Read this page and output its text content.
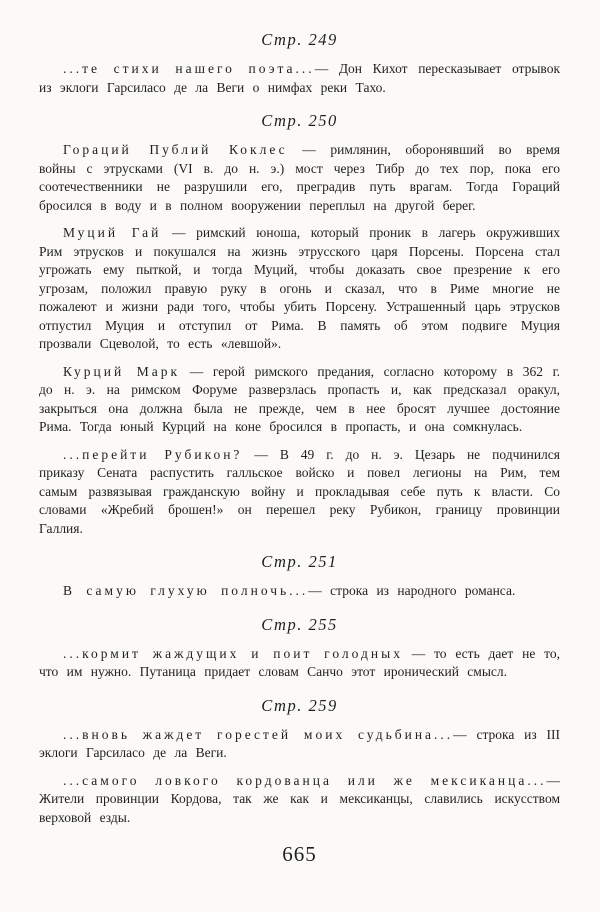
Стр. 249

...те стихи нашего поэта...— Дон Кихот пересказывает отрывок из эклоги Гарсиласо де ла Веги о нимфах реки Тахо.

Стр. 250

Гораций Публий Коклес — римлянин, оборонявший во время войны с этрусками (VI в. до н. э.) мост через Тибр до тех пор, пока его соотечественники не разрушили его, преградив путь врагам. Тогда Гораций бросился в воду и в полном вооружении переплыл на другой берег.

Муций Гай — римский юноша, который проник в лагерь окруживших Рим этрусков и покушался на жизнь этрусского царя Порсены. Порсена стал угрожать ему пыткой, и тогда Муций, чтобы доказать свое презрение к его угрозам, положил правую руку в огонь и сказал, что в Риме многие не пожалеют и жизни ради того, чтобы убить Порсену. Устрашенный царь этрусков отпустил Муция и отступил от Рима. В память об этом подвиге Муция прозвали Сцеволой, то есть «левшой».

Курций Марк — герой римского предания, согласно которому в 362 г. до н. э. на римском Форуме разверзлась пропасть и, как предсказал оракул, закрыться она должна была не прежде, чем в нее бросят лучшее достояние Рима. Тогда юный Курций на коне бросился в пропасть, и она сомкнулась.

...перейти Рубикон? — В 49 г. до н. э. Цезарь не подчинился приказу Сената распустить галльское войско и повел легионы на Рим, тем самым развязывая гражданскую войну и прокладывая себе путь к власти. Со словами «Жребий брошен!» он перешел реку Рубикон, границу провинции Галлия.

Стр. 251

В самую глухую полночь...— строка из народного романса.

Стр. 255

...кормит жаждущих и поит голодных — то есть дает не то, что им нужно. Путаница придает словам Санчо этот иронический смысл.

Стр. 259

...вновь жаждет горестей моих судьбина...— строка из III эклоги Гарсиласо де ла Веги.

...самого ловкого кордованца или же мексиканца...— Жители провинции Кордова, так же как и мексиканцы, славились искусством верховой езды.

665
